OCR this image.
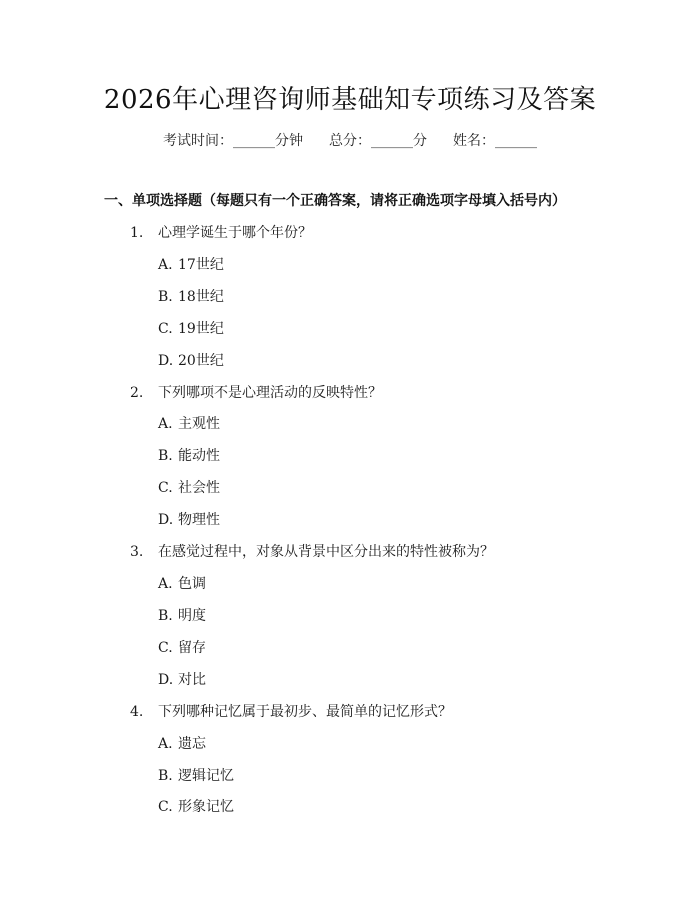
2026年心理咨询师基础知专项练习及答案
考试时间：______分钟 总分：______分 姓名：______
一、单项选择题（每题只有一个正确答案，请将正确选项字母填入括号内）
1. 心理学诞生于哪个年份？
A. 17世纪
B. 18世纪
C. 19世纪
D. 20世纪
2. 下列哪项不是心理活动的反映特性？
A. 主观性
B. 能动性
C. 社会性
D. 物理性
3. 在感觉过程中，对象从背景中区分出来的特性被称为？
A. 色调
B. 明度
C. 留存
D. 对比
4. 下列哪种记忆属于最初步、最简单的记忆形式？
A. 遗忘
B. 逻辑记忆
C. 形象记忆
